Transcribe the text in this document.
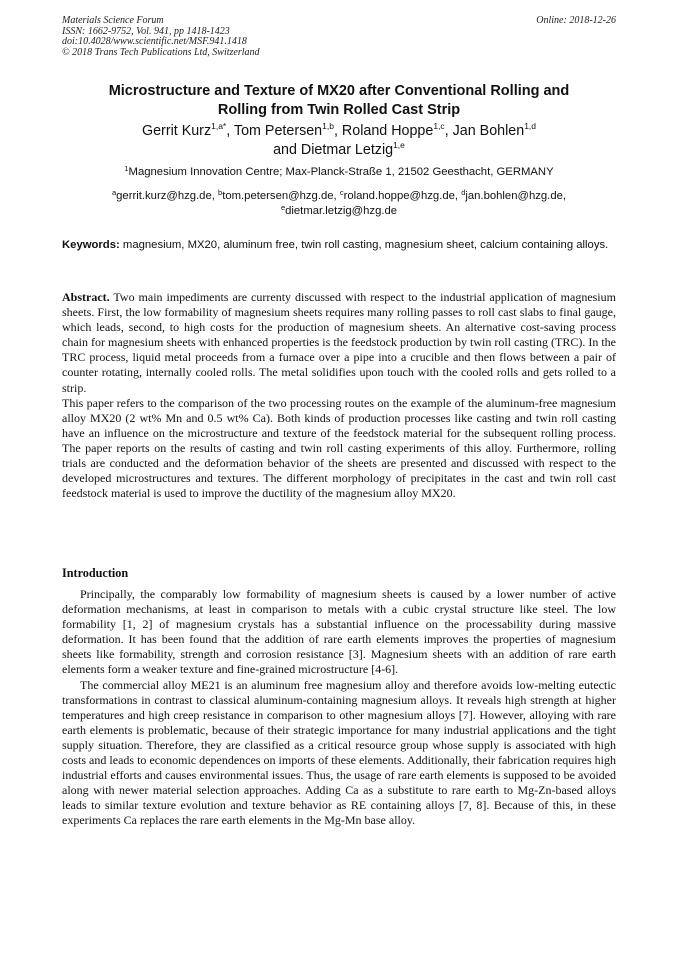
Materials Science Forum
ISSN: 1662-9752, Vol. 941, pp 1418-1423
doi:10.4028/www.scientific.net/MSF.941.1418
© 2018 Trans Tech Publications Ltd, Switzerland
Online: 2018-12-26
Microstructure and Texture of MX20 after Conventional Rolling and
Rolling from Twin Rolled Cast Strip
Gerrit Kurz$^{1,a*}$, Tom Petersen$^{1,b}$, Roland Hoppe$^{1,c}$, Jan Bohlen$^{1,d}$
and Dietmar Letzig$^{1,e}$
$^1$Magnesium Innovation Centre; Max-Planck-Straße 1, 21502 Geesthacht, GERMANY
$^a$gerrit.kurz@hzg.de, $^b$tom.petersen@hzg.de, $^c$roland.hoppe@hzg.de, $^d$jan.bohlen@hzg.de,
$^e$dietmar.letzig@hzg.de
Keywords: magnesium, MX20, aluminum free, twin roll casting, magnesium sheet, calcium containing alloys.

Abstract. Two main impediments are currenty discussed with respect to the industrial application of magnesium sheets. First, the low formability of magnesium sheets requires many rolling passes to roll cast slabs to final gauge, which leads, second, to high costs for the production of magnesium sheets. An alternative cost-saving process chain for magnesium sheets with enhanced properties is the feedstock production by twin roll casting (TRC). In the TRC process, liquid metal proceeds from a furnace over a pipe into a crucible and then flows between a pair of counter rotating, internally cooled rolls. The metal solidifies upon touch with the cooled rolls and gets rolled to a strip.

This paper refers to the comparison of the two processing routes on the example of the aluminum-free magnesium alloy MX20 (2 wt% Mn and 0.5 wt% Ca). Both kinds of production processes like casting and twin roll casting have an influence on the microstructure and texture of the feedstock material for the subsequent rolling process. The paper reports on the results of casting and twin roll casting experiments of this alloy. Furthermore, rolling trials are conducted and the deformation behavior of the sheets are presented and discussed with respect to the developed microstructures and textures. The different morphology of precipitates in the cast and twin roll cast feedstock material is used to improve the ductility of the magnesium alloy MX20.

Introduction

Principally, the comparably low formability of magnesium sheets is caused by a lower number of active deformation mechanisms, at least in comparison to metals with a cubic crystal structure like steel. The low formability [1, 2] of magnesium crystals has a substantial influence on the processability during massive deformation. It has been found that the addition of rare earth elements improves the properties of magnesium sheets like formability, strength and corrosion resistance [3]. Magnesium sheets with an addition of rare earth elements form a weaker texture and fine-grained microstructure [4-6].

The commercial alloy ME21 is an aluminum free magnesium alloy and therefore avoids low-melting eutectic transformations in contrast to classical aluminum-containing magnesium alloys. It reveals high strength at higher temperatures and high creep resistance in comparison to other magnesium alloys [7]. However, alloying with rare earth elements is problematic, because of their strategic importance for many industrial applications and the tight supply situation. Therefore, they are classified as a critical resource group whose supply is associated with high costs and leads to economic dependences on imports of these elements. Additionally, their fabrication requires high industrial efforts and causes environmental issues. Thus, the usage of rare earth elements is supposed to be avoided along with newer material selection approaches. Adding Ca as a substitute to rare earth to Mg-Zn-based alloys leads to similar texture evolution and texture behavior as RE containing alloys [7, 8]. Because of this, in these experiments Ca replaces the rare earth elements in the Mg-Mn base alloy.
